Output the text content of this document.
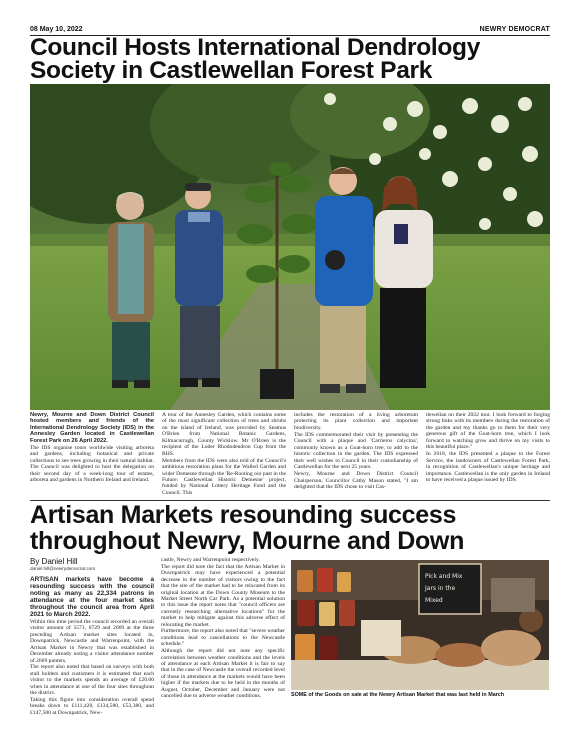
08 May 10, 2022	NEWRY DEMOCRAT
Council Hosts International Dendrology
Society in Castlewellan Forest Park

Newry, Mourne and Down District Council hosted members and friends of the International Dendrology Society (IDS) in the Annesley Garden located in Castlewellan Forest Park on 26 April 2022.

The IDS organise tours worldwide visiting arboreta and gardens, including botanical and private collections to see trees growing in their natural habitat. The Council was delighted to host the delegation on their second day of a week-long tour of estates, arboreta and gardens in Northern Ireland and Ireland.

A tour of the Annesley Garden, which contains some of the most significant collection of trees and shrubs on the island of Ireland, was provided by Seamus O'Brien from National Botanic Gardens, Kilmacurragh, County Wicklow. Mr O'Brien is the recipient of the Loder Rhododendron Cup from the RHS.

Members from the IDS were also told of the Council's ambitious restoration plans for the Walled Garden and wider Demesne through the 'Re-Rooting our past in the Future: Castlewellan Historic Demesne' project, funded by National Lottery Heritage Fund and the Council. This

includes the restoration of a living arboretum protecting its plant collection and important biodiversity.

The IDS commemorated their visit by presenting the Council with a plaque and 'Carrieros calycina', commonly known as a Goat-horn tree, to add to the historic collection in the garden. The IDS expressed their well wishes to Council in their custodianship of Castlewellan for the next 25 years.

Newry, Mourne and Down District Council Chairperson, Councillor Cathy Mason stated, "I am delighted that the IDS chose to visit Cas-

tlewellan on their 2022 tour. I look forward to forging strong links with its members during the restoration of the garden and my thanks go to them for their very generous gift of the Goat-horn tree, which I look forward to watching grow and thrive on my visits to this beautiful place."

In 2018, the IDS presented a plaque to the Forest Service, the landowners of Castlewellan Forest Park, in recognition of Castlewellan's unique heritage and importance. Castlewellan is the only garden in Ireland to have received a plaque issued by IDS.

Artisan Markets resounding success
throughout Newry, Mourne and Down
By Daniel Hill
daniel.hill@newrydemocrat.com

ARTISAN markets have become a resounding success with the council noting as many as 22,334 patrons in attendance at the four market sites throughout the council area from April 2021 to March 2022.

Within this time period the council recorded an overall visitor amount of 5571, 6729 and 2669 at the three preceding Artisan market sites located in, Downpatrick, Newcastle and Warrenpoint, with the Artisan Market in Newry that was established in December already noting a visitor attendance number of 2669 punters.

The report also noted that based on surveys with both stall holders and customers it is estimated that each visitor to the markets spends an average of £20.00 when in attendance at one of the four sites throughout the district.

Taking this figure into consideration overall spend breaks down to £111,420, £134,580, £53,380, and £147,500 at Downpatrick, New-

castle, Newry and Warrenpoint respectively.

The report did note the fact that the Artisan Market in Downpatrick may have experienced a potential decrease in the number of visitors owing to the fact that the site of the market had to be relocated from its original location at the Down County Museum to the Market Street North Car Park. As a potential solution to this issue the report notes that "council officers are currently researching alternative locations" for the market to help mitigate against this adverse effect of relocating the market.

Furthermore, the report also noted that "severe weather conditions lead to cancellations to the Newcastle schedule."

Although the report did not note any specific correlation between weather conditions and the levels of attendance at each Artisan Market it is fair to say that in the case of Newcastle the overall recorded level of those in attendance at the markets would have been higher if the markets due to be held in the months of August, October, December and January were not cancelled due to adverse weather conditions.

Pick and Mix
Jars in the
Mixed
SOME of the Goods on sale at the Newry Artisan Market that was last held in March
